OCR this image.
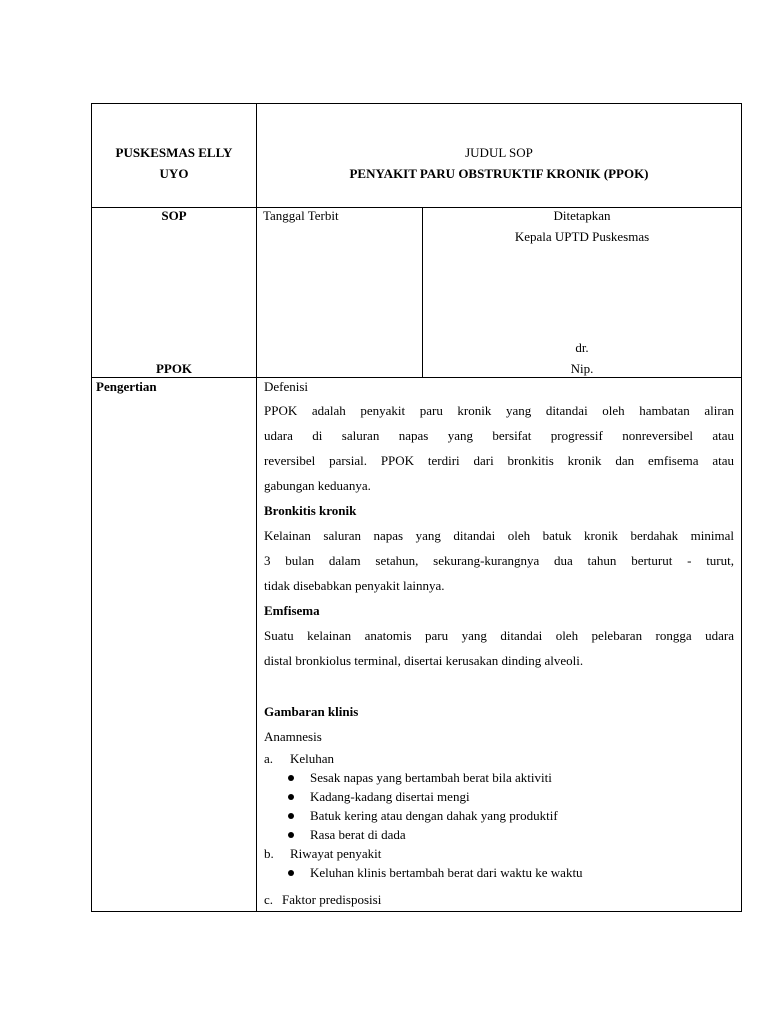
PUSKESMAS ELLY
UYO
JUDUL SOP
PENYAKIT PARU OBSTRUKTIF KRONIK (PPOK)
SOP
PPOK
Tanggal Terbit	Ditetapkan
Kepala UPTD Puskesmas
dr.
Nip.
Pengertian	Defenisi
PPOK adalah penyakit paru kronik yang ditandai oleh hambatan aliran
udara di saluran napas yang bersifat progressif nonreversibel atau
reversibel parsial. PPOK terdiri dari bronkitis kronik dan emfisema atau
gabungan keduanya.
Bronkitis kronik
Kelainan saluran napas yang ditandai oleh batuk kronik berdahak minimal
3 bulan dalam setahun, sekurang-kurangnya dua tahun berturut - turut,
tidak disebabkan penyakit lainnya.
Emfisema
Suatu kelainan anatomis paru yang ditandai oleh pelebaran rongga udara
distal bronkiolus terminal, disertai kerusakan dinding alveoli.
Gambaran klinis
Anamnesis
a. Keluhan
Sesak napas yang bertambah berat bila aktiviti
Kadang-kadang disertai mengi
Batuk kering atau dengan dahak yang produktif
Rasa berat di dada
b. Riwayat penyakit
Keluhan klinis bertambah berat dari waktu ke waktu
c. Faktor predisposisi
